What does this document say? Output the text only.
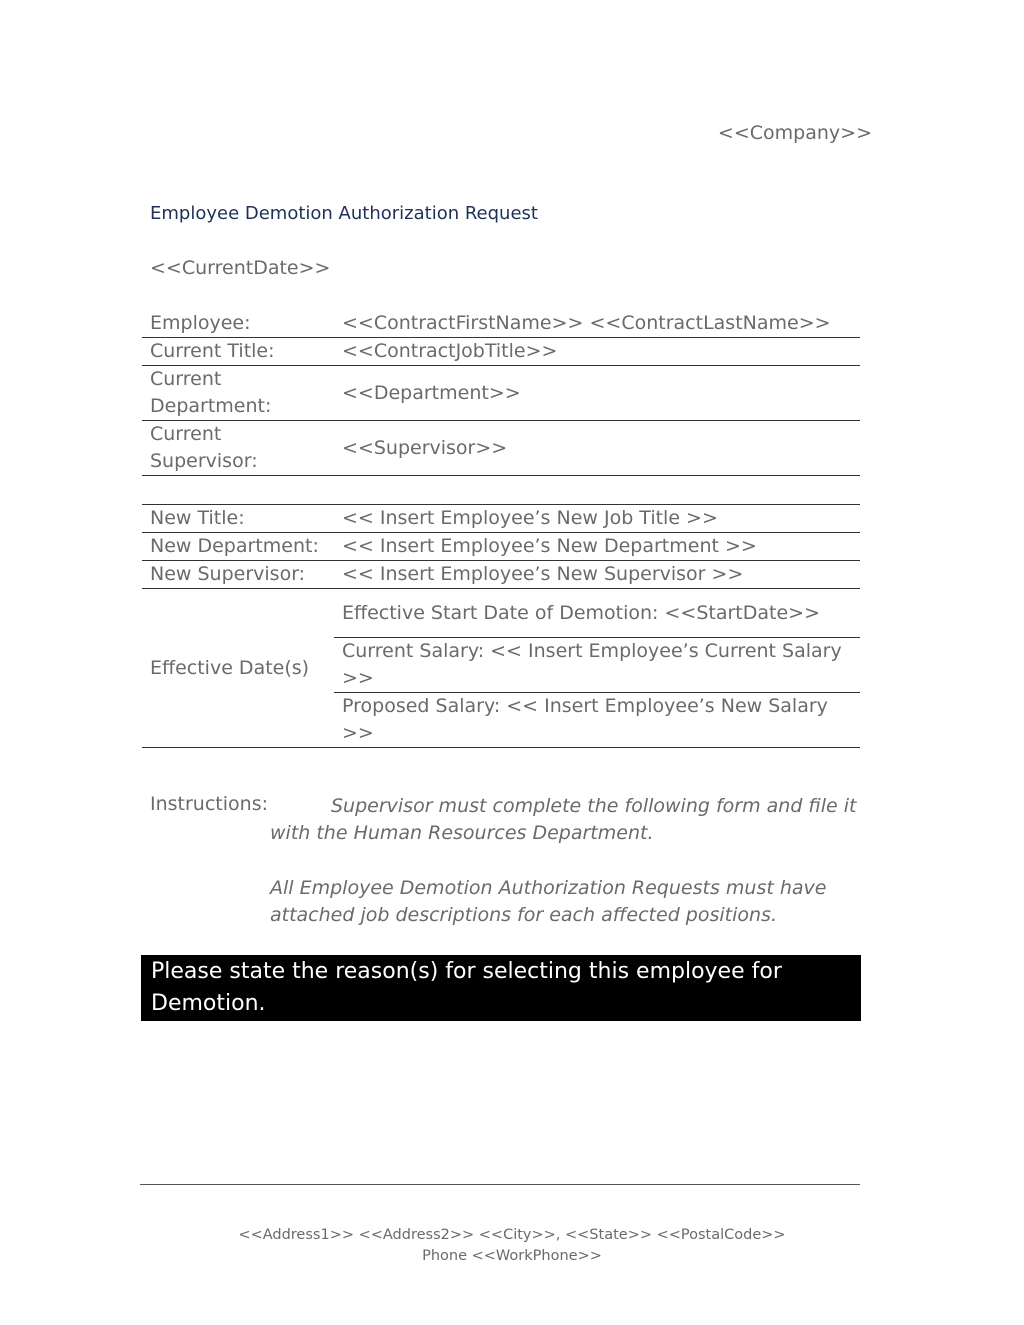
<<Company>>
Employee Demotion Authorization Request
<<CurrentDate>>
Employee:	<<ContractFirstName>> <<ContractLastName>>
Current Title:	<<ContractJobTitle>>
Current Department:	<<Department>>
Current Supervisor:	<<Supervisor>>
New Title:	<< Insert Employee’s New Job Title >>
New Department:	<< Insert Employee’s New Department >>
New Supervisor:	<< Insert Employee’s New Supervisor >>
Effective Date(s)	Effective Start Date of Demotion: <<StartDate>>
	Current Salary: << Insert Employee’s Current Salary >>
	Proposed Salary: << Insert Employee’s New Salary >>
Instructions:	Supervisor must complete the following form and file it with the Human Resources Department.
All Employee Demotion Authorization Requests must have attached job descriptions for each affected positions.
Please state the reason(s) for selecting this employee for Demotion.
<<Address1>> <<Address2>> <<City>>, <<State>> <<PostalCode>>
Phone <<WorkPhone>>
